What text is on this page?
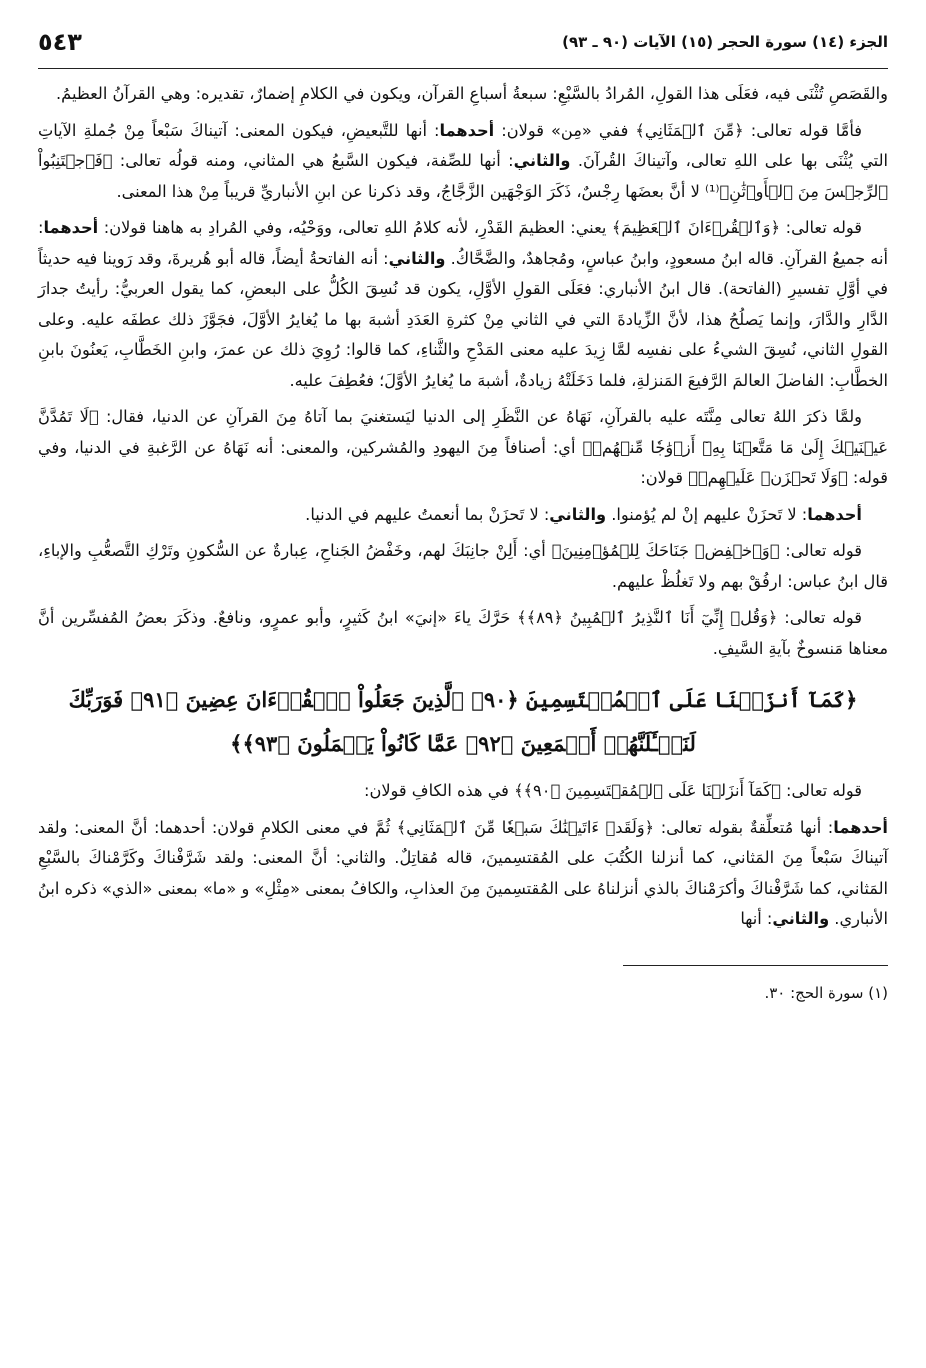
الجزء (١٤) سورة الحجر (١٥) الآيات (٩٠ ـ ٩٣)
٥٤٣

والقَصَصِ تُثْنَى فيه، فعَلَى هذا القولِ، المُرادُ بالسَّبْعِ: سبعةُ أسباعِ القرآن، ويكون في الكلامِ إضمارٌ، تقديره: وهي القرآنُ العظيمُ.

فأمَّا قوله تعالى: ﴿مِّنَ ٱلۡمَثَانِي﴾ ففي «مِن» قولان: أحدهما: أنها للتَّبعيضِ، فيكون المعنى: آتيناكَ سَبْعاً مِنْ جُملةِ الآياتِ التي يُثْنَى بها على اللهِ تعالى، وآتيناكَ القُرآنَ. والثاني: أنها للصِّفة، فيكون السَّبعُ هي المثاني، ومنه قولُه تعالى: ﴿فَٱجۡتَنِبُواْ ٱلرِّجۡسَ مِنَ ٱلۡأَوۡثَٰنِ﴾⁽¹⁾ لا أنَّ بعضَها رِجْسٌ، ذَكَرَ الوَجْهَين الزَّجَّاجُ، وقد ذكرنا عن ابنِ الأنباريِّ قريباً مِنْ هذا المعنى.

قوله تعالى: ﴿وَٱلۡقُرۡءَانَ ٱلۡعَظِيمَ﴾ يعني: العظيمَ القَدْرِ، لأنه كلامُ اللهِ تعالى، ووَحْيُه، وفي المُرادِ به هاهنا قولان: أحدهما: أنه جميعُ القرآنِ. قاله ابنُ مسعودٍ، وابنُ عباسٍ، ومُجاهدٌ، والضَّحَّاكُ. والثاني: أنه الفاتحةُ أيضاً، قاله أبو هُريرةَ، وقد رَوينا فيه حديثاً في أوَّلِ تفسيرِ (الفاتحة). قال ابنُ الأنباري: فعَلَى القولِ الأوَّلِ، يكون قد نُسِقَ الكُلُّ على البعضِ، كما يقول العربيُّ: رأيتُ جدارَ الدَّارِ والدَّارَ، وإنما يَصلُحُ هذا، لأنَّ الزِّيادةَ التي في الثاني مِنْ كثرةِ العَدَدِ أشبهَ بها ما يُغايرُ الأوَّلَ، فجَوَّزَ ذلك عطفَه عليه. وعلى القولِ الثاني، نُسِقَ الشيءُ على نفسِه لمَّا زِيدَ عليه معنى المَدْحِ والثَّناءِ، كما قالوا: رُوِيَ ذلك عن عمرَ، وابنِ الخَطَّابِ، يَعنُونَ بابنِ الخطَّابِ: الفاضلَ العالمَ الرَّفيعَ المَنزلةِ، فلما دَخَلَتْهُ زيادةٌ، أشبهَ ما يُغايرُ الأوَّلَ؛ فعُطِفَ عليه.

ولمَّا ذكرَ اللهُ تعالى مِنَّتَه عليه بالقرآنِ، نَهَاهُ عن النَّظَرِ إلى الدنيا ليَستغنيَ بما آتاهُ مِنَ القرآنِ عن الدنيا، فقال: ﴿لَا تَمُدَّنَّ عَيۡنَيۡكَ إِلَىٰ مَا مَتَّعۡنَا بِهِۦٓ أَزۡوَٰجٗا مِّنۡهُمۡ﴾ أي: أصنافاً مِنَ اليهودِ والمُشركين، والمعنى: أنه نَهَاهُ عن الرَّغبةِ في الدنيا، وفي قوله: ﴿وَلَا تَحۡزَنۡ عَلَيۡهِمۡ﴾ قولان:

أحدهما: لا تَحزَنْ عليهم إنْ لم يُؤمنوا. والثاني: لا تَحزَنْ بما أنعمتُ عليهم في الدنيا.

قوله تعالى: ﴿وَٱخۡفِضۡ جَنَاحَكَ لِلۡمُؤۡمِنِينَ﴾ أي: أَلِنْ جانِبَكَ لهم، وخَفْضُ الجَناحِ، عِبارةٌ عن السُّكونِ وتَرْكِ التَّصعُّبِ والإباءِ، قال ابنُ عباس: ارفُقْ بهم ولا تَغلُظْ عليهم.

قوله تعالى: ﴿وَقُلۡ إِنِّيٓ أَنَا ٱلنَّذِيرُ ٱلۡمُبِينُ ﴿٨٩﴾﴾ حَرَّكَ ياءَ «إنيَ» ابنُ كَثيرٍ، وأبو عمرٍو، ونافعٌ. وذكَرَ بعضُ المُفسِّرين أنَّ معناها مَنسوخٌ بآيةِ السَّيفِ.

﴿كَمَآ أَنزَلۡنَا عَلَى ٱلۡمُقۡتَسِمِينَ ﴿٩٠﴾ ٱلَّذِينَ جَعَلُواْ ٱلۡقُرۡءَانَ عِضِينَ ﴿٩١﴾ فَوَرَبِّكَ لَنَسۡـَٔلَنَّهُمۡ أَجۡمَعِينَ ﴿٩٢﴾ عَمَّا كَانُواْ يَعۡمَلُونَ ﴿٩٣﴾﴾

قوله تعالى: ﴿كَمَآ أَنزَلۡنَا عَلَى ٱلۡمُقۡتَسِمِينَ ﴿٩٠﴾﴾ في هذه الكافِ قولان:

أحدهما: أنها مُتعلِّقةٌ بقوله تعالى: ﴿وَلَقَدۡ ءَاتَيۡنَٰكَ سَبۡعٗا مِّنَ ٱلۡمَثَانِي﴾ ثُمَّ في معنى الكلامِ قولان: أحدهما: أنَّ المعنى: ولقد آتيناكَ سَبْعاً مِنَ المَثاني، كما أنزلنا الكُتُبَ على المُقتسِمينَ، قاله مُقاتِلٌ. والثاني: أنَّ المعنى: ولقد شَرَّفْناكَ وكَرَّمْناكَ بالسَّبْعِ المَثاني، كما شَرَّفْناكَ وأكرَمْناكَ بالذي أنزلناهُ على المُقتسِمينَ مِنَ العذابِ، والكافُ بمعنى «مِثْلِ» و «ما» بمعنى «الذي» ذكره ابنُ الأنباري. والثاني: أنها

(١) سورة الحج: ٣٠.
